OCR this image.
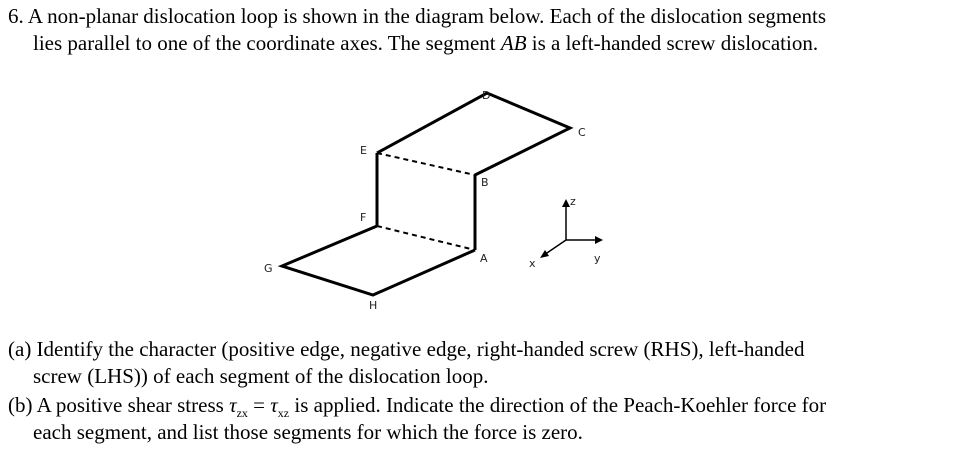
6. A non-planar dislocation loop is shown in the diagram below. Each of the dislocation segments
lies parallel to one of the coordinate axes. The segment AB is a left-handed screw dislocation.

z
y
x
D
C
E
B
F
A
G
H

(a) Identify the character (positive edge, negative edge, right-handed screw (RHS), left-handed
screw (LHS)) of each segment of the dislocation loop.

(b) A positive shear stress $\tau_{zx} = \tau_{xz}$ is applied. Indicate the direction of the Peach-Koehler force for
each segment, and list those segments for which the force is zero.
